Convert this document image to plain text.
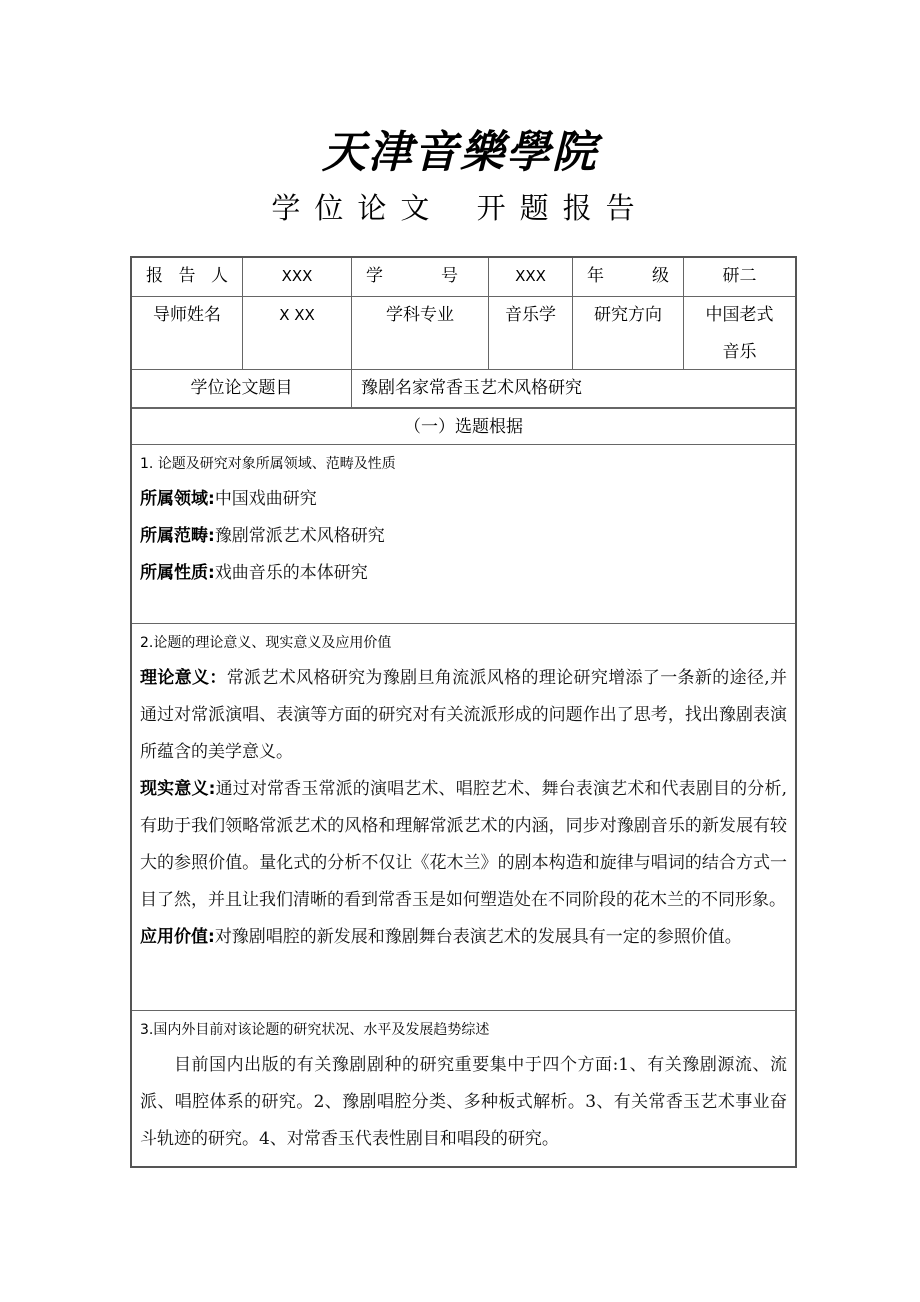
天津音樂學院
学位论文 开题报告
报 告 人	XXX	学	号	XXX	年	级	研二
导师姓名	X XX	学科专业	音乐学	研究方向	中国老式
音乐
学位论文题目	豫剧名家常香玉艺术风格研究
（一）选题根据
1. 论题及研究对象所属领域、范畴及性质
所属领域:中国戏曲研究
所属范畴:豫剧常派艺术风格研究
所属性质:戏曲音乐的本体研究
2.论题的理论意义、现实意义及应用价值
理论意义：常派艺术风格研究为豫剧旦角流派风格的理论研究增添了一条新的途径,并通过对常派演唱、表演等方面的研究对有关流派形成的问题作出了思考，找出豫剧表演所蕴含的美学意义。
现实意义:通过对常香玉常派的演唱艺术、唱腔艺术、舞台表演艺术和代表剧目的分析,有助于我们领略常派艺术的风格和理解常派艺术的内涵，同步对豫剧音乐的新发展有较大的参照价值。量化式的分析不仅让《花木兰》的剧本构造和旋律与唱词的结合方式一目了然，并且让我们清晰的看到常香玉是如何塑造处在不同阶段的花木兰的不同形象。
应用价值:对豫剧唱腔的新发展和豫剧舞台表演艺术的发展具有一定的参照价值。
3.国内外目前对该论题的研究状况、水平及发展趋势综述
目前国内出版的有关豫剧剧种的研究重要集中于四个方面:1、有关豫剧源流、流派、唱腔体系的研究。2、豫剧唱腔分类、多种板式解析。3、有关常香玉艺术事业奋斗轨迹的研究。4、对常香玉代表性剧目和唱段的研究。
